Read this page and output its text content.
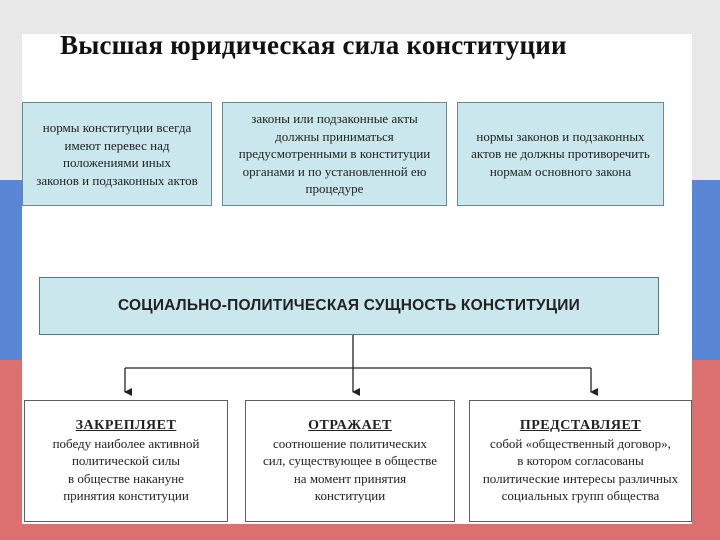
Высшая юридическая сила конституции
нормы конституции всегда
имеют перевес над
положениями иных
законов и подзаконных актов
законы или подзаконные акты
должны приниматься
предусмотренными в конституции
органами и по установленной ею
процедуре
нормы законов и подзаконных
актов не должны противоречить
нормам основного закона
СОЦИАЛЬНО-ПОЛИТИЧЕСКАЯ СУЩНОСТЬ КОНСТИТУЦИИ
ЗАКРЕПЛЯЕТ
победу наиболее активной
политической силы
в обществе накануне
принятия конституции
ОТРАЖАЕТ
соотношение политических
сил, существующее в обществе
на момент принятия
конституции
ПРЕДСТАВЛЯЕТ
собой «общественный договор»,
в котором согласованы
политические интересы различных
социальных групп общества
